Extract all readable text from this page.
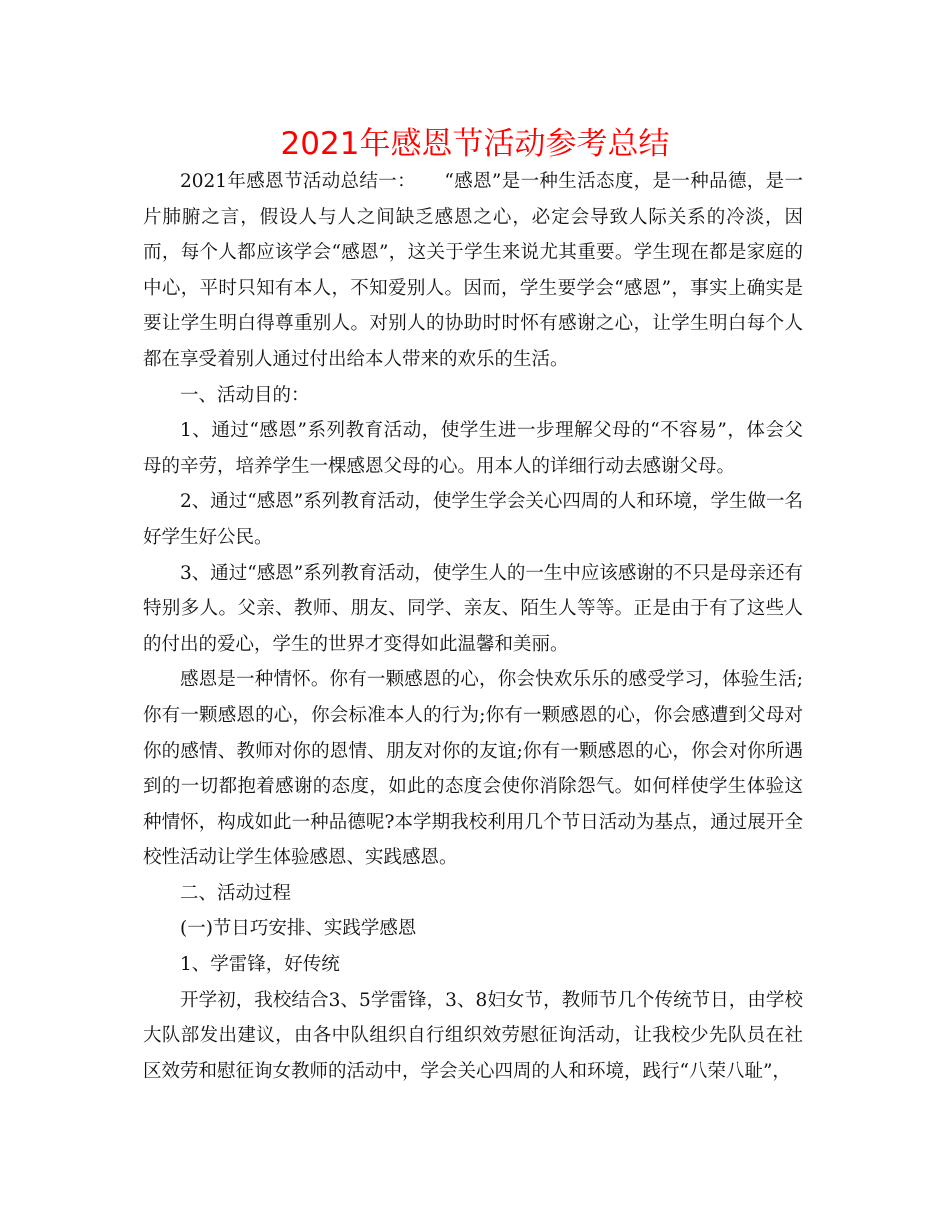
2021年感恩节活动参考总结

2021年感恩节活动总结一：　　“感恩”是一种生活态度，是一种品德，是一片肺腑之言，假设人与人之间缺乏感恩之心，必定会导致人际关系的冷淡，因而，每个人都应该学会“感恩”，这关于学生来说尤其重要。学生现在都是家庭的中心，平时只知有本人，不知爱别人。因而，学生要学会“感恩”，事实上确实是要让学生明白得尊重别人。对别人的协助时时怀有感谢之心，让学生明白每个人都在享受着别人通过付出给本人带来的欢乐的生活。

一、活动目的：

1、通过“感恩”系列教育活动，使学生进一步理解父母的“不容易”，体会父母的辛劳，培养学生一棵感恩父母的心。用本人的详细行动去感谢父母。

2、通过“感恩”系列教育活动，使学生学会关心四周的人和环境，学生做一名好学生好公民。

3、通过“感恩”系列教育活动，使学生人的一生中应该感谢的不只是母亲还有特别多人。父亲、教师、朋友、同学、亲友、陌生人等等。正是由于有了这些人的付出的爱心，学生的世界才变得如此温馨和美丽。

感恩是一种情怀。你有一颗感恩的心，你会快欢乐乐的感受学习，体验生活;你有一颗感恩的心，你会标准本人的行为;你有一颗感恩的心，你会感遭到父母对你的感情、教师对你的恩情、朋友对你的友谊;你有一颗感恩的心，你会对你所遇到的一切都抱着感谢的态度，如此的态度会使你消除怨气。如何样使学生体验这种情怀，构成如此一种品德呢?本学期我校利用几个节日活动为基点，通过展开全校性活动让学生体验感恩、实践感恩。

二、活动过程

(一)节日巧安排、实践学感恩

1、学雷锋，好传统

开学初，我校结合3、5学雷锋，3、8妇女节，教师节几个传统节日，由学校大队部发出建议，由各中队组织自行组织效劳慰征询活动，让我校少先队员在社区效劳和慰征询女教师的活动中，学会关心四周的人和环境，践行“八荣八耻”，
